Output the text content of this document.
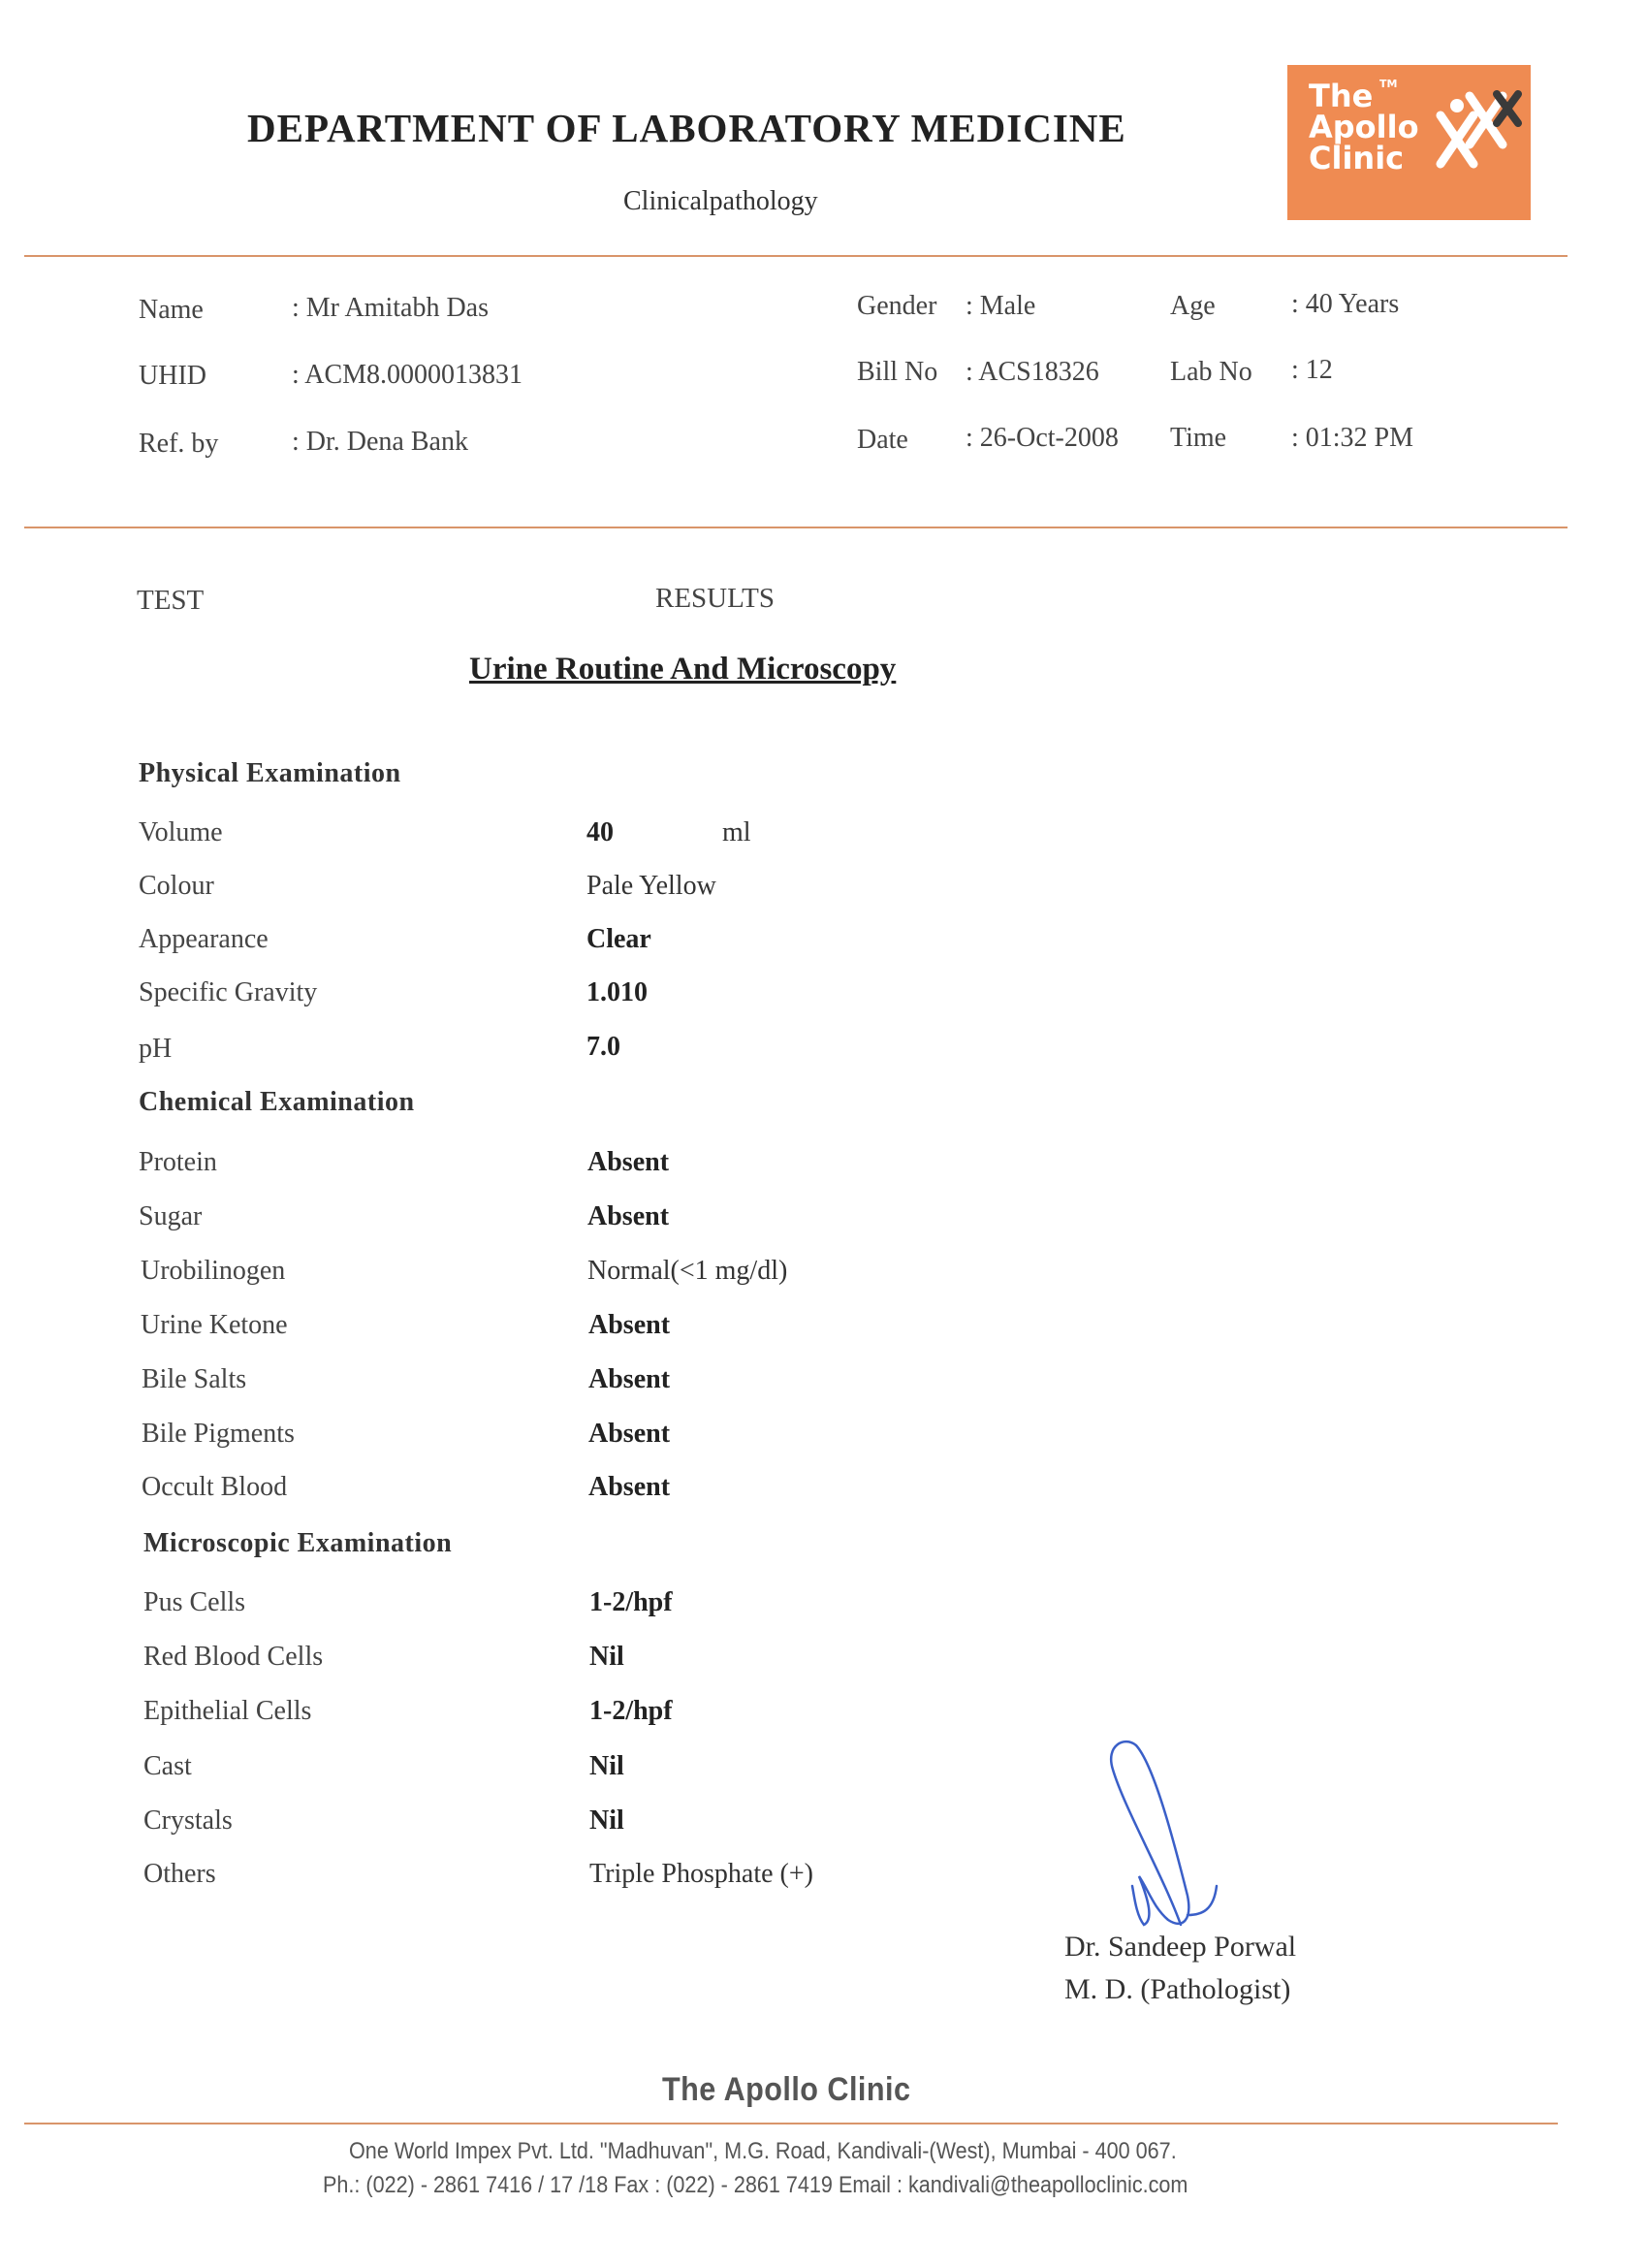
DEPARTMENT OF LABORATORY MEDICINE
Clinicalpathology
The TM
Apollo
Clinic
Name	: Mr Amitabh Das
UHID	: ACM8.0000013831
Ref. by	: Dr. Dena Bank
Gender : Male
Bill No : ACS18326
Date : 26-Oct-2008
Age	: 40 Years
Lab No : 12
Time : 01:32 PM
TEST	RESULTS
Urine Routine And Microscopy
Physical Examination
Volume	40	ml
Colour	Pale Yellow
Appearance	Clear
Specific Gravity	1.010
pH	7.0
Chemical Examination
Protein	Absent
Sugar	Absent
Urobilinogen	Normal(<1 mg/dl)
Urine Ketone	Absent
Bile Salts	Absent
Bile Pigments	Absent
Occult Blood	Absent
Microscopic Examination
Pus Cells	1-2/hpf
Red Blood Cells	Nil
Epithelial Cells	1-2/hpf
Cast	Nil
Crystals	Nil
Others	Triple Phosphate (+)
Dr. Sandeep Porwal
M. D. (Pathologist)
The Apollo Clinic
One World Impex Pvt. Ltd. "Madhuvan", M.G. Road, Kandivali-(West), Mumbai - 400 067.
Ph.: (022) - 2861 7416 / 17 /18 Fax : (022) - 2861 7419 Email : kandivali@theapolloclinic.com
